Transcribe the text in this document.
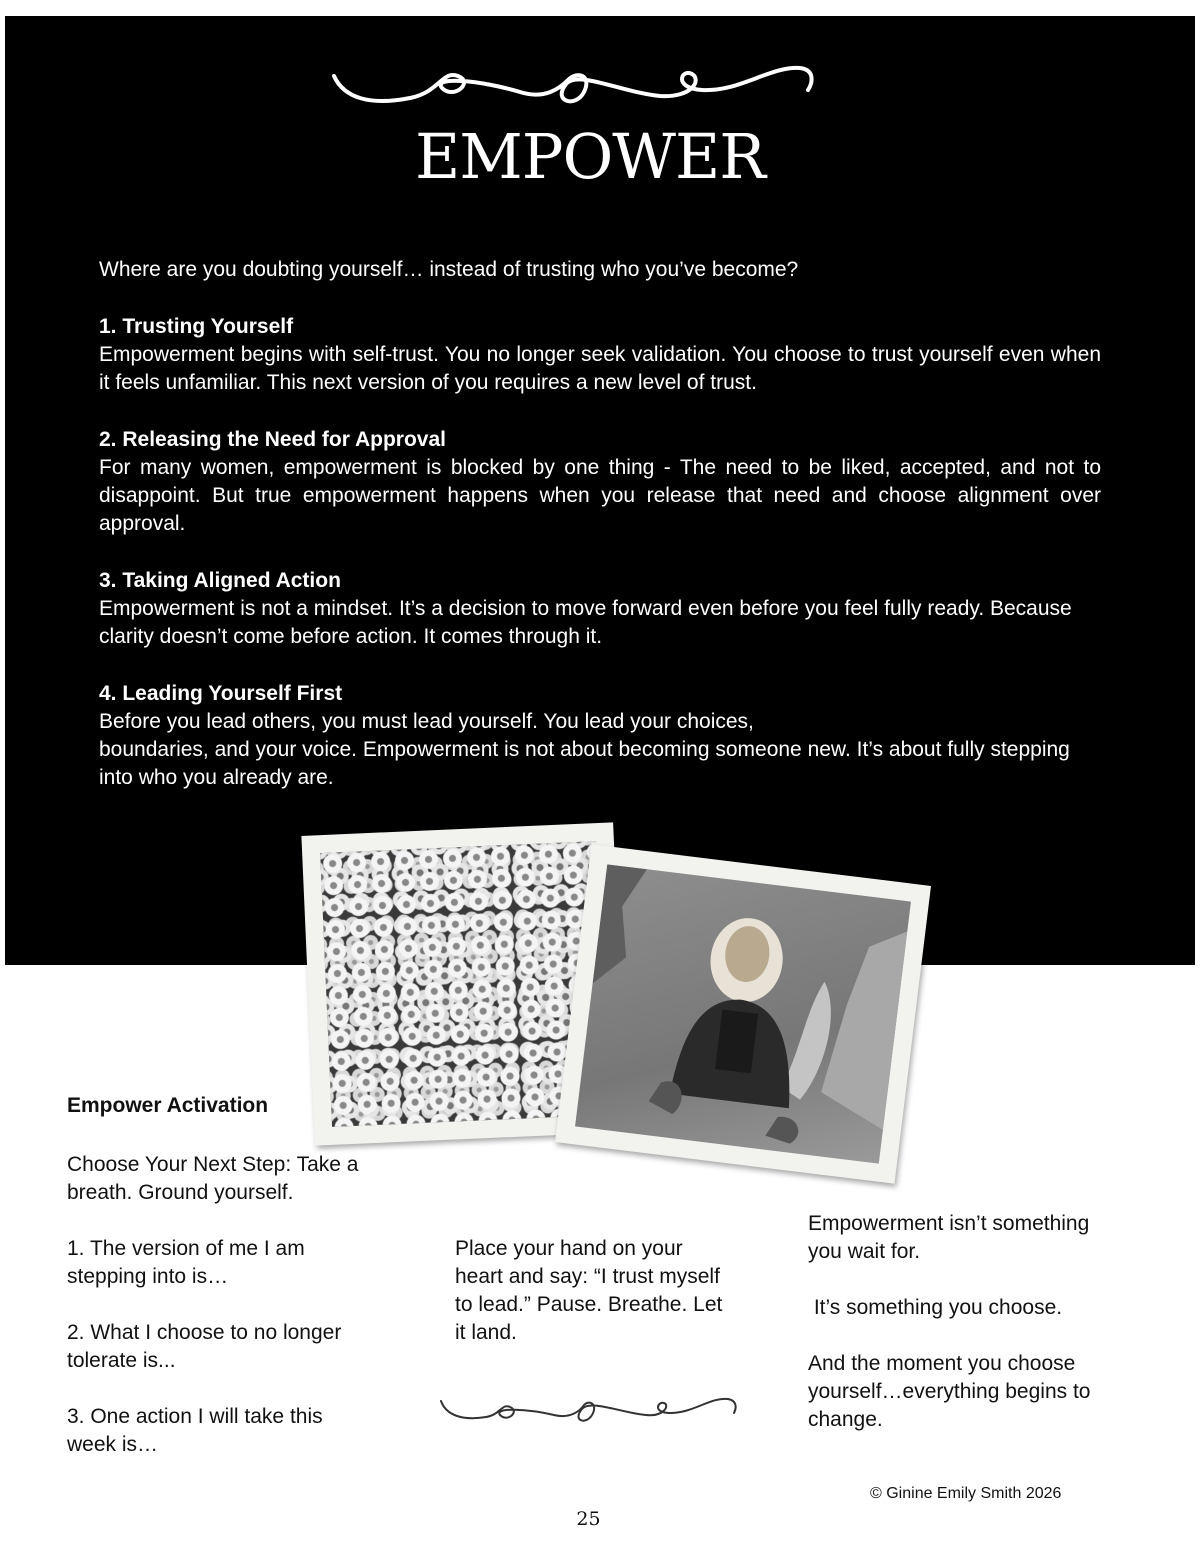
EMPOWER

Where are you doubting yourself… instead of trusting who you’ve become?

1. Trusting Yourself

Empowerment begins with self-trust. You no longer seek validation. You choose to trust yourself even when it feels unfamiliar. This next version of you requires a new level of trust.

2. Releasing the Need for Approval

For many women, empowerment is blocked by one thing - The need to be liked, accepted, and not to disappoint. But true empowerment happens when you release that need and choose alignment over approval.

3. Taking Aligned Action

Empowerment is not a mindset. It’s a decision to move forward even before you feel fully ready. Because clarity doesn’t come before action. It comes through it.

4. Leading Yourself First

Before you lead others, you must lead yourself. You lead your choices,

boundaries, and your voice. Empowerment is not about becoming someone new. It’s about fully stepping into who you already are.

Empower Activation

Choose Your Next Step: Take a breath. Ground yourself.

1. The version of me I am stepping into is…

2. What I choose to no longer tolerate is...

3. One action I will take this week is…

Place your hand on your heart and say: “I trust myself to lead.” Pause. Breathe. Let it land.

Empowerment isn’t something you wait for.

It’s something you choose.

And the moment you choose yourself…everything begins to change.

© Ginine Emily Smith 2026
25
